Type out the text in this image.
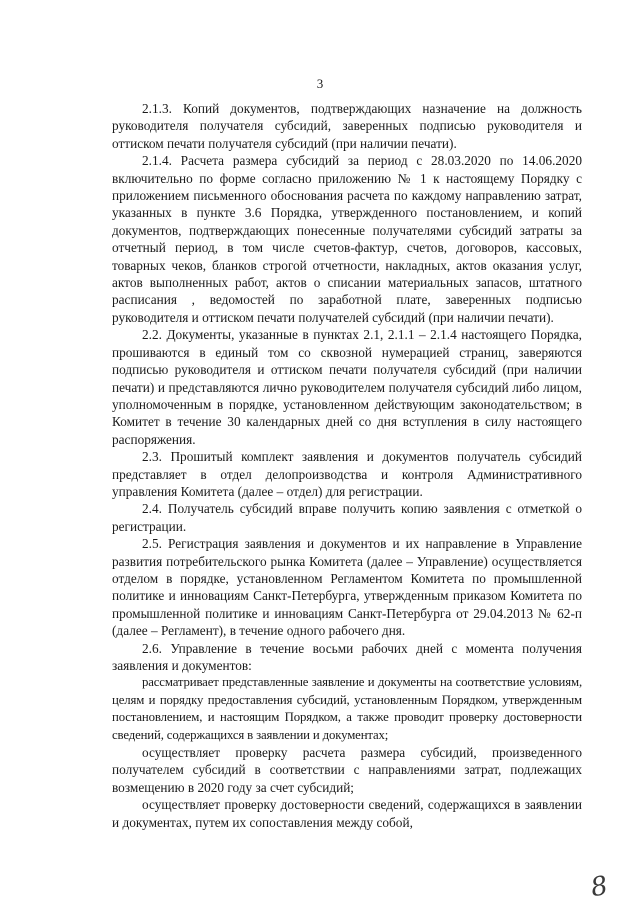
3

2.1.3. Копий документов, подтверждающих назначение на должность руководителя получателя субсидий, заверенных подписью руководителя и оттиском печати получателя субсидий (при наличии печати).

2.1.4. Расчета размера субсидий за период с 28.03.2020 по 14.06.2020 включительно по форме согласно приложению № 1 к настоящему Порядку с приложением письменного обоснования расчета по каждому направлению затрат, указанных в пункте 3.6 Порядка, утвержденного постановлением, и копий документов, подтверждающих понесенные получателями субсидий затраты за отчетный период, в том числе счетов-фактур, счетов, договоров, кассовых, товарных чеков, бланков строгой отчетности, накладных, актов оказания услуг, актов выполненных работ, актов о списании материальных запасов, штатного расписания , ведомостей по заработной плате, заверенных подписью руководителя и оттиском печати получателей субсидий (при наличии печати).

2.2. Документы, указанные в пунктах 2.1, 2.1.1 – 2.1.4 настоящего Порядка, прошиваются в единый том со сквозной нумерацией страниц, заверяются подписью руководителя и оттиском печати получателя субсидий (при наличии печати) и представляются лично руководителем получателя субсидий либо лицом, уполномоченным в порядке, установленном действующим законодательством; в Комитет в течение 30 календарных дней со дня вступления в силу настоящего распоряжения.

2.3. Прошитый комплект заявления и документов получатель субсидий представляет в отдел делопроизводства и контроля Административного управления Комитета (далее – отдел) для регистрации.

2.4. Получатель субсидий вправе получить копию заявления с отметкой о регистрации.

2.5. Регистрация заявления и документов и их направление в Управление развития потребительского рынка Комитета (далее – Управление) осуществляется отделом в порядке, установленном Регламентом Комитета по промышленной политике и инновациям Санкт-Петербурга, утвержденным приказом Комитета по промышленной политике и инновациям Санкт-Петербурга от 29.04.2013 № 62-п (далее – Регламент), в течение одного рабочего дня.

2.6. Управление в течение восьми рабочих дней с момента получения заявления и документов:

рассматривает представленные заявление и документы на соответствие условиям, целям и порядку предоставления субсидий, установленным Порядком, утвержденным постановлением, и настоящим Порядком, а также проводит проверку достоверности сведений, содержащихся в заявлении и документах;

осуществляет проверку расчета размера субсидий, произведенного получателем субсидий в соответствии с направлениями затрат, подлежащих возмещению в 2020 году за счет субсидий;

осуществляет проверку достоверности сведений, содержащихся в заявлении и документах, путем их сопоставления между собой,

8
